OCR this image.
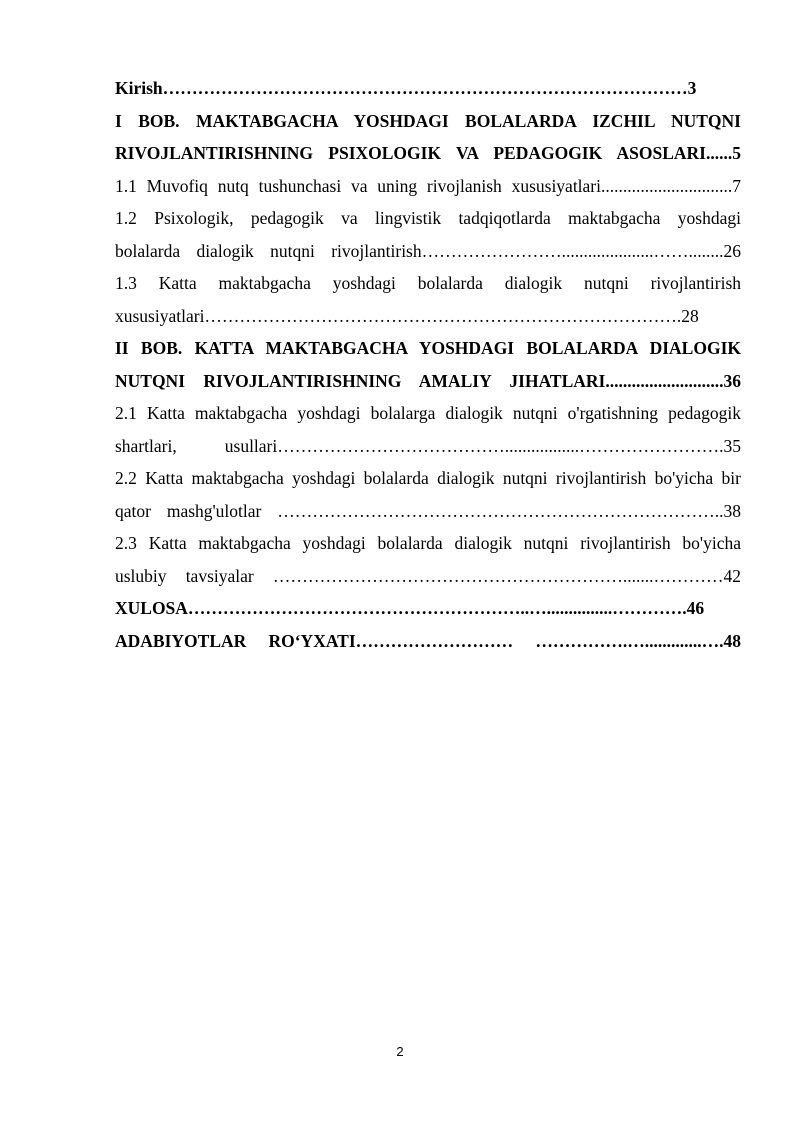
Kirish………………………………………………………………………………3

I BOB. MAKTABGACHA YOSHDAGI BOLALARDA IZCHIL NUTQNI

RIVOJLANTIRISHNING PSIXOLOGIK VA PEDAGOGIK ASOSLARI......5

1.1 Muvofiq nutq tushunchasi va uning rivojlanish xususiyatlari..............................7

1.2 Psixologik, pedagogik va lingvistik tadqiqotlarda maktabgacha yoshdagi

bolalarda dialogik nutqni rivojlantirish…………………….....................……........26

1.3 Katta maktabgacha yoshdagi bolalarda dialogik nutqni rivojlantirish

xususiyatlari……………………………………………………………………….28

II BOB. KATTA MAKTABGACHA YOSHDAGI BOLALARDA DIALOGIK

NUTQNI RIVOJLANTIRISHNING AMALIY JIHATLARI...........................36

2.1 Katta maktabgacha yoshdagi bolalarga dialogik nutqni o'rgatishning pedagogik

shartlari, usullari………………………………….................…………………….35

2.2 Katta maktabgacha yoshdagi bolalarda dialogik nutqni rivojlantirish bo'yicha bir

qator mashg'ulotlar …………………………………………………………………..38

2.3 Katta maktabgacha yoshdagi bolalarda dialogik nutqni rivojlantirish bo'yicha

uslubiy tavsiyalar …………………………………………………….......…………42

XULOSA…………………………………………………..…...............………….46

ADABIYOTLAR RO‘YXATI……………………… …………….….............….48

2
